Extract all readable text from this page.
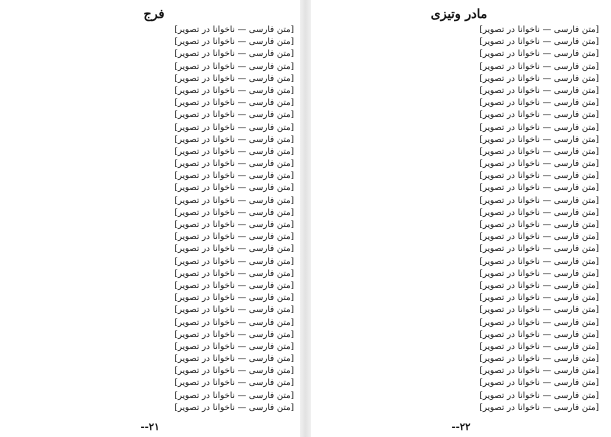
فرج
[متن فارسی — ناخوانا در تصویر]
[متن فارسی — ناخوانا در تصویر]
[متن فارسی — ناخوانا در تصویر]
[متن فارسی — ناخوانا در تصویر]
[متن فارسی — ناخوانا در تصویر]
[متن فارسی — ناخوانا در تصویر]
[متن فارسی — ناخوانا در تصویر]
[متن فارسی — ناخوانا در تصویر]
[متن فارسی — ناخوانا در تصویر]
[متن فارسی — ناخوانا در تصویر]
[متن فارسی — ناخوانا در تصویر]
[متن فارسی — ناخوانا در تصویر]
[متن فارسی — ناخوانا در تصویر]
[متن فارسی — ناخوانا در تصویر]
[متن فارسی — ناخوانا در تصویر]
[متن فارسی — ناخوانا در تصویر]
[متن فارسی — ناخوانا در تصویر]
[متن فارسی — ناخوانا در تصویر]
[متن فارسی — ناخوانا در تصویر]
[متن فارسی — ناخوانا در تصویر]
[متن فارسی — ناخوانا در تصویر]
[متن فارسی — ناخوانا در تصویر]
[متن فارسی — ناخوانا در تصویر]
[متن فارسی — ناخوانا در تصویر]
[متن فارسی — ناخوانا در تصویر]
[متن فارسی — ناخوانا در تصویر]
[متن فارسی — ناخوانا در تصویر]
[متن فارسی — ناخوانا در تصویر]
[متن فارسی — ناخوانا در تصویر]
[متن فارسی — ناخوانا در تصویر]
[متن فارسی — ناخوانا در تصویر]
[متن فارسی — ناخوانا در تصویر]
‎-۲۱-
مادر وتیزی
[متن فارسی — ناخوانا در تصویر]
[متن فارسی — ناخوانا در تصویر]
[متن فارسی — ناخوانا در تصویر]
[متن فارسی — ناخوانا در تصویر]
[متن فارسی — ناخوانا در تصویر]
[متن فارسی — ناخوانا در تصویر]
[متن فارسی — ناخوانا در تصویر]
[متن فارسی — ناخوانا در تصویر]
[متن فارسی — ناخوانا در تصویر]
[متن فارسی — ناخوانا در تصویر]
[متن فارسی — ناخوانا در تصویر]
[متن فارسی — ناخوانا در تصویر]
[متن فارسی — ناخوانا در تصویر]
[متن فارسی — ناخوانا در تصویر]
[متن فارسی — ناخوانا در تصویر]
[متن فارسی — ناخوانا در تصویر]
[متن فارسی — ناخوانا در تصویر]
[متن فارسی — ناخوانا در تصویر]
[متن فارسی — ناخوانا در تصویر]
[متن فارسی — ناخوانا در تصویر]
[متن فارسی — ناخوانا در تصویر]
[متن فارسی — ناخوانا در تصویر]
[متن فارسی — ناخوانا در تصویر]
[متن فارسی — ناخوانا در تصویر]
[متن فارسی — ناخوانا در تصویر]
[متن فارسی — ناخوانا در تصویر]
[متن فارسی — ناخوانا در تصویر]
[متن فارسی — ناخوانا در تصویر]
[متن فارسی — ناخوانا در تصویر]
[متن فارسی — ناخوانا در تصویر]
[متن فارسی — ناخوانا در تصویر]
[متن فارسی — ناخوانا در تصویر]
‎-۲۲-
